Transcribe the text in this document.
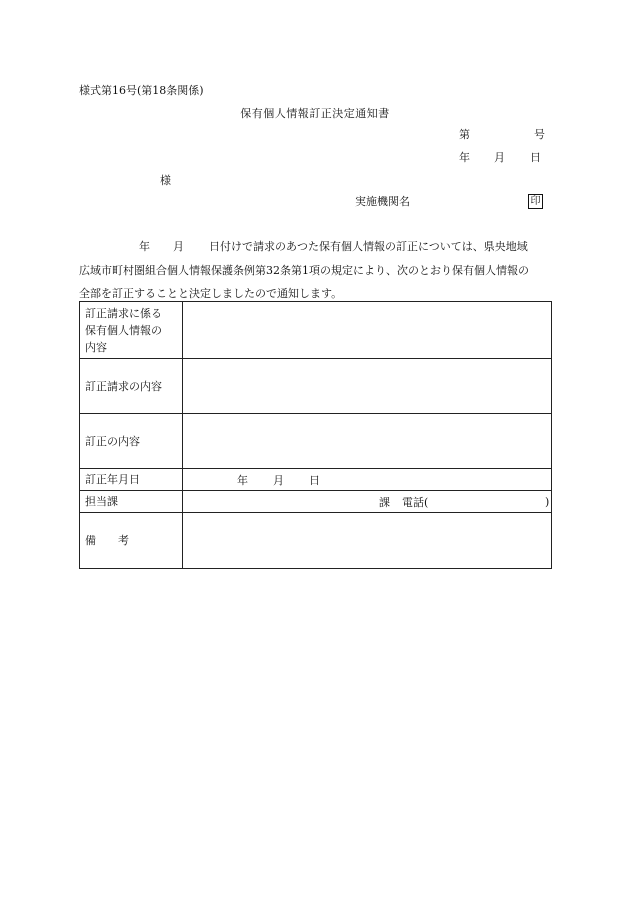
様式第16号(第18条関係)
保有個人情報訂正決定通知書
第	号
年 月 日
様
実施機関名	印
年 月 日付けで請求のあつた保有個人情報の訂正については、県央地域
広域市町村圏組合個人情報保護条例第32条第1項の規定により、次のとおり保有個人情報の
全部を訂正することと決定しましたので通知します。
訂正請求に係る
保有個人情報の
内容	

訂正請求の内容	
訂正の内容	
訂正年月日	年 月 日

担当課	課 電話( )

備　　考	
